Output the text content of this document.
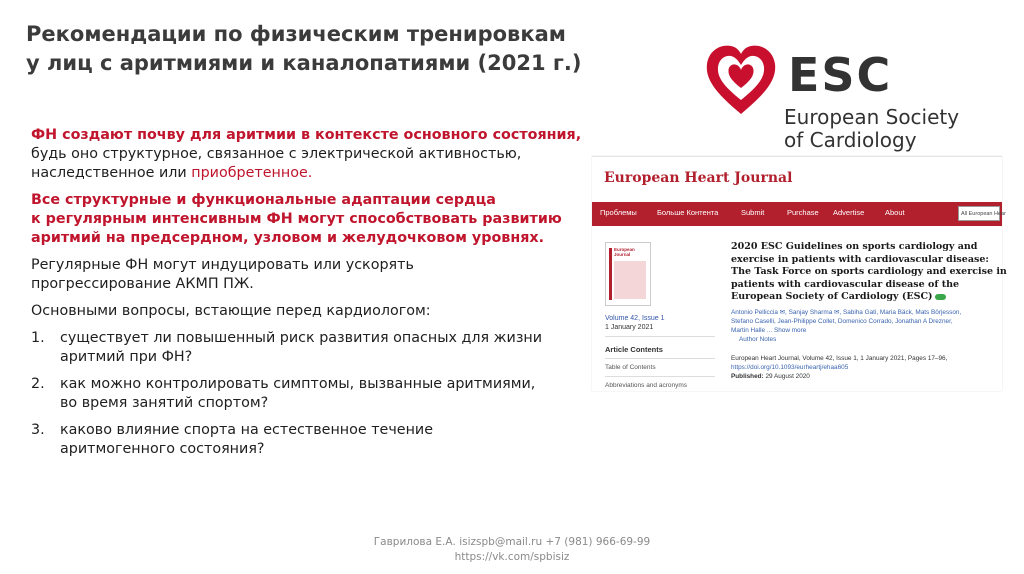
Рекомендации по физическим тренировкам
у лиц с аритмиями и каналопатиями (2021 г.)
ФН создают почву для аритмии в контексте основного состояния,
будь оно структурное, связанное с электрической активностью,
наследственное или приобретенное.
Все структурные и функциональные адаптации сердца
к регулярным интенсивным ФН могут способствовать развитию
аритмий на предсердном, узловом и желудочковом уровнях.
Регулярные ФН могут индуцировать или ускорять
прогрессирование АКМП ПЖ.
Основными вопросы, встающие перед кардиологом:
1. существует ли повышенный риск развития опасных для жизни
аритмий при ФН?
2. как можно контролировать симптомы, вызванные аритмиями,
во время занятий спортом?
3. каково влияние спорта на естественное течение
аритмогенного состояния?
ESC
European Society
of Cardiology
European Heart Journal
Проблемы	Больше Контента	Submit	Purchase Advertise	About	All European Hear
European Journal
Volume 42, Issue 1
1 January 2021
Article Contents
Table of Contents
Abbreviations and acronyms
2020 ESC Guidelines on sports cardiology and
exercise in patients with cardiovascular disease:
The Task Force on sports cardiology and exercise in
patients with cardiovascular disease of the
European Society of Cardiology (ESC)
Antonio Pelliccia ✉, Sanjay Sharma ✉, Sabiha Gati, Maria Bäck, Mats Börjesson,
Stefano Caselli, Jean-Philippe Collet, Domenico Corrado, Jonathan A Drezner,
Martin Halle ... Show more
Author Notes
European Heart Journal, Volume 42, Issue 1, 1 January 2021, Pages 17–96,
https://doi.org/10.1093/eurheartj/ehaa605
Published: 29 August 2020
Гаврилова Е.А. isizspb@mail.ru +7 (981) 966-69-99
https://vk.com/spbisiz
